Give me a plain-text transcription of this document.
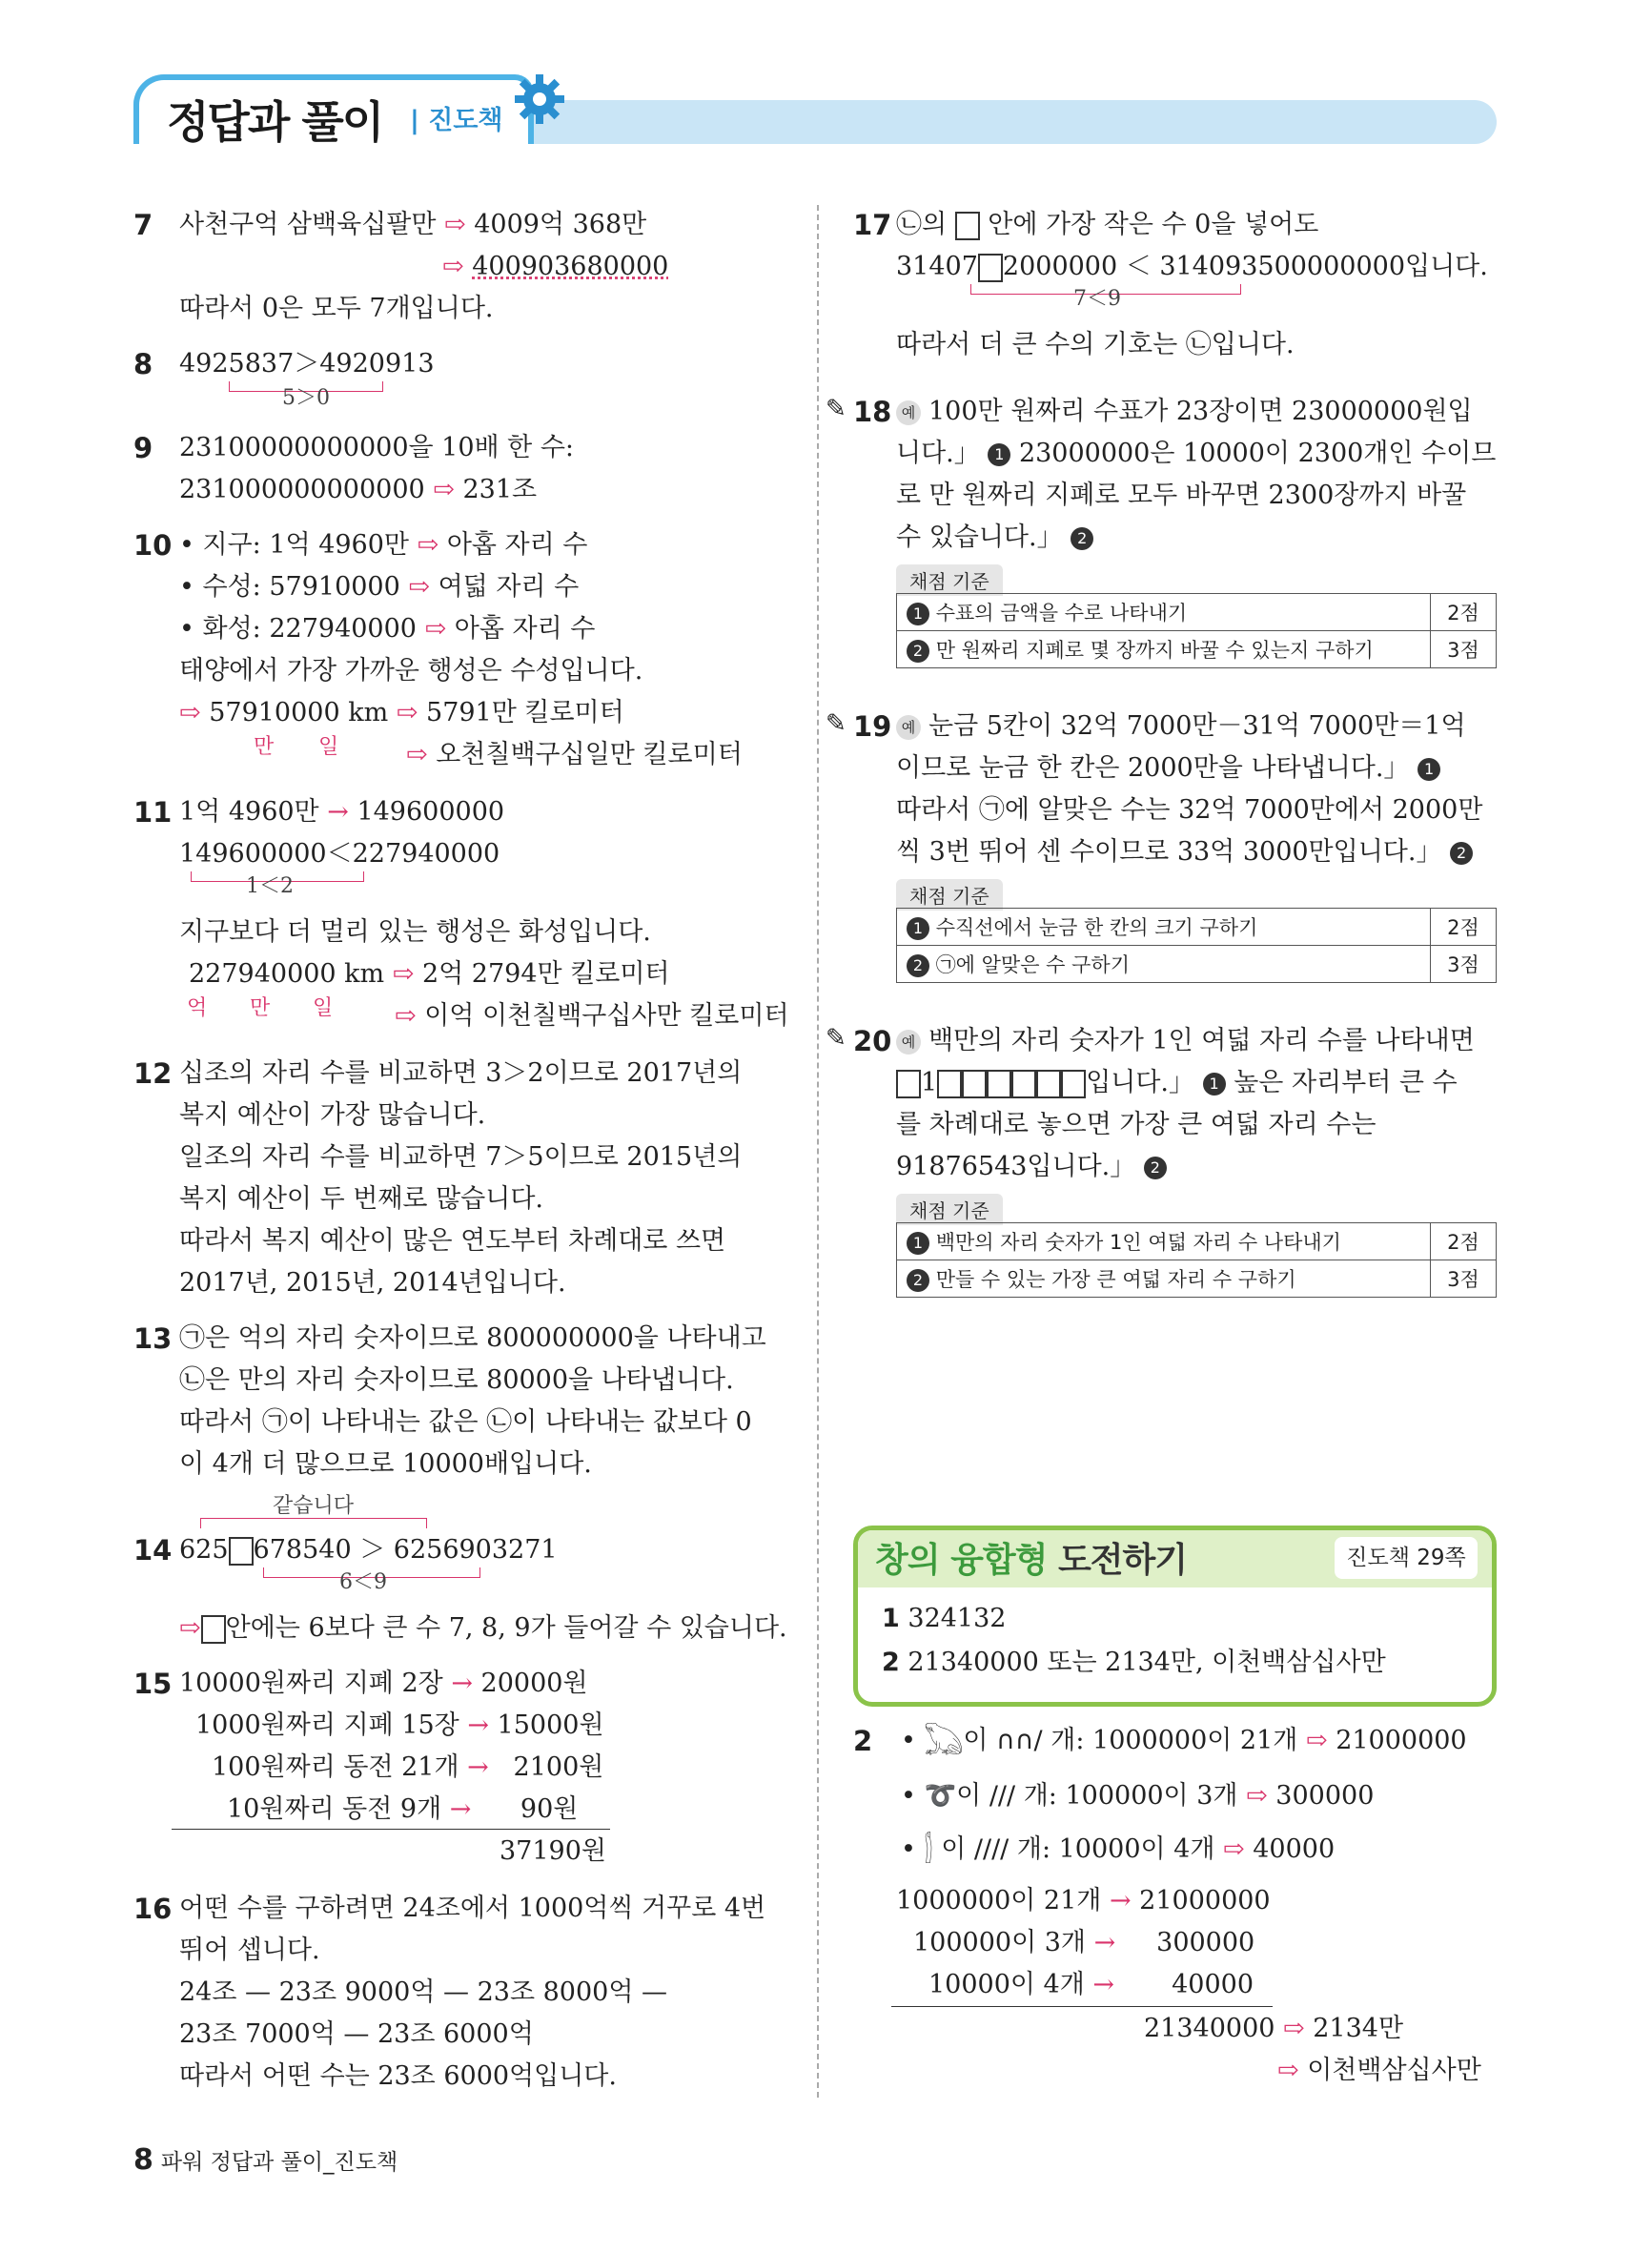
정답과 풀이 | 진도책
7 사천구억 삼백육십팔만 ⇨ 4009억 368만
⇨ 400903680000
따라서 0은 모두 7개입니다.
8 4925837＞4920913
5＞0
9 23100000000000을 10배 한 수:
231000000000000 ⇨ 231조
10 • 지구: 1억 4960만 ⇨ 아홉 자리 수
• 수성: 57910000 ⇨ 여덟 자리 수
• 화성: 227940000 ⇨ 아홉 자리 수
태양에서 가장 가까운 행성은 수성입니다.
⇨ 57910000 km ⇨ 5791만 킬로미터
만 일	⇨ 오천칠백구십일만 킬로미터
11 1억 4960만 → 149600000
149600000＜227940000
1＜2
지구보다 더 멀리 있는 행성은 화성입니다.
227940000 km ⇨ 2억 2794만 킬로미터
억 만 일 ⇨ 이억 이천칠백구십사만 킬로미터
12 십조의 자리 수를 비교하면 3＞2이므로 2017년의
복지 예산이 가장 많습니다.
일조의 자리 수를 비교하면 7＞5이므로 2015년의
복지 예산이 두 번째로 많습니다.
따라서 복지 예산이 많은 연도부터 차례대로 쓰면
2017년, 2015년, 2014년입니다.
13 ㉠은 억의 자리 숫자이므로 800000000을 나타내고
㉡은 만의 자리 숫자이므로 80000을 나타냅니다.
따라서 ㉠이 나타내는 값은 ㉡이 나타내는 값보다 0
이 4개 더 많으므로 10000배입니다.
같습니다
14 625 678540 ＞ 6256903271
6＜9
⇨ 안에는 6보다 큰 수 7, 8, 9가 들어갈 수 있습니다.
15 10000원짜리 지폐 2장 → 20000원
1000원짜리 지폐 15장 → 15000원
100원짜리 동전 21개 → 2100원
10원짜리 동전 9개 → 90원
37190원
16 어떤 수를 구하려면 24조에서 1000억씩 거꾸로 4번
뛰어 셉니다.
24조 — 23조 9000억 — 23조 8000억 —
23조 7000억 — 23조 6000억
따라서 어떤 수는 23조 6000억입니다.
17 ㉡의 안에 가장 작은 수 0을 넣어도
31407 2000000 ＜ 314093500000000입니다.
7＜9
따라서 더 큰 수의 기호는 ㉡입니다.
✎ 18 예 100만 원짜리 수표가 23장이면 23000000원입
니다.」 1 23000000은 10000이 2300개인 수이므
로 만 원짜리 지폐로 모두 바꾸면 2300장까지 바꿀
수 있습니다.」 2
채점 기준
1 수표의 금액을 수로 나타내기	2점
2 만 원짜리 지폐로 몇 장까지 바꿀 수 있는지 구하기	3점
✎ 19 예 눈금 5칸이 32억 7000만－31억 7000만＝1억
이므로 눈금 한 칸은 2000만을 나타냅니다.」 1
따라서 ㉠에 알맞은 수는 32억 7000만에서 2000만
씩 3번 뛰어 센 수이므로 33억 3000만입니다.」 2
채점 기준
1 수직선에서 눈금 한 칸의 크기 구하기	2점
2 ㉠에 알맞은 수 구하기	3점
✎ 20 예 백만의 자리 숫자가 1인 여덟 자리 수를 나타내면
1	입니다.」 1 높은 자리부터 큰 수
를 차례대로 놓으면 가장 큰 여덟 자리 수는
91876543입니다.」 2
채점 기준
1 백만의 자리 숫자가 1인 여덟 자리 수 나타내기	2점
2 만들 수 있는 가장 큰 여덟 자리 수 구하기	3점
창의 융합형 도전하기	진도책 29쪽
1 324132
2 21340000 또는 2134만, 이천백삼십사만
2 • 𓆏이 ∩∩/ 개: 1000000이 21개 ⇨ 21000000
• ➰이 /// 개: 100000이 3개 ⇨ 300000
• 𓂭 이 //// 개: 10000이 4개 ⇨ 40000
1000000이 21개 → 21000000
100000이 3개 → 300000
10000이 4개 → 40000
21340000 ⇨ 2134만
⇨ 이천백삼십사만
8 파워 정답과 풀이_진도책
